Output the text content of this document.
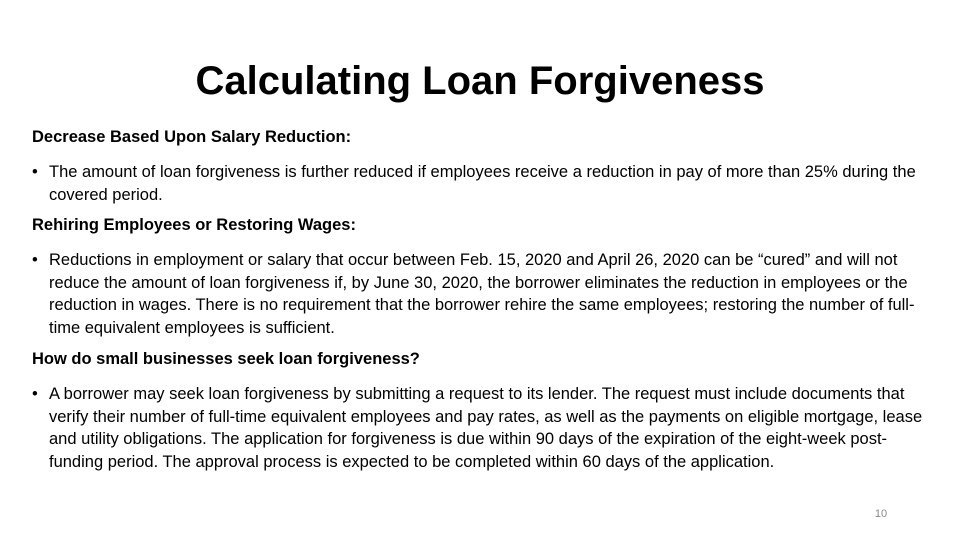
Calculating Loan Forgiveness

Decrease Based Upon Salary Reduction:

• The amount of loan forgiveness is further reduced if employees receive a reduction in pay of more than 25% during the covered period.

Rehiring Employees or Restoring Wages:

• Reductions in employment or salary that occur between Feb. 15, 2020 and April 26, 2020 can be “cured” and will not reduce the amount of loan forgiveness if, by June 30, 2020, the borrower eliminates the reduction in employees or the reduction in wages. There is no requirement that the borrower rehire the same employees; restoring the number of full-time equivalent employees is sufficient.

How do small businesses seek loan forgiveness?

• A borrower may seek loan forgiveness by submitting a request to its lender. The request must include documents that verify their number of full-time equivalent employees and pay rates, as well as the payments on eligible mortgage, lease and utility obligations. The application for forgiveness is due within 90 days of the expiration of the eight-week post-funding period. The approval process is expected to be completed within 60 days of the application.
10
